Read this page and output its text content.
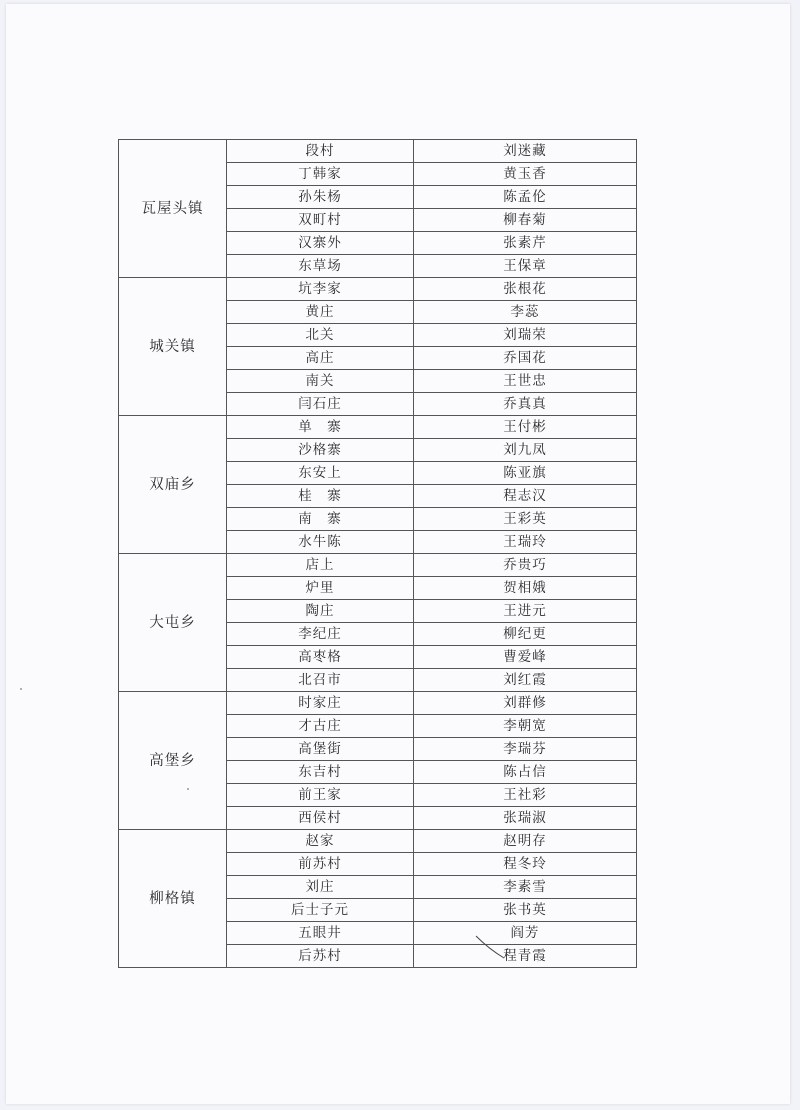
瓦屋头镇	段村	刘迷藏
	丁韩家	黄玉香
	孙朱杨	陈孟伦
	双町村	柳春菊
	汉寨外	张素芹
	东草场	王保章
城关镇	坑李家	张根花
	黄庄	李蕊
	北关	刘瑞荣
	高庄	乔国花
	南关	王世忠
	闫石庄	乔真真
双庙乡	单　寨	王付彬
	沙格寨	刘九凤
	东安上	陈亚旗
	桂　寨	程志汉
	南　寨	王彩英
	水牛陈	王瑞玲
大屯乡	店上	乔贵巧
	炉里	贺相娥
	陶庄	王进元
	李纪庄	柳纪更
	高枣格	曹爱峰
	北召市	刘红霞
高堡乡	时家庄	刘群修
	才古庄	李朝宽
	高堡街	李瑞芬
	东吉村	陈占信
	前王家	王社彩
	西侯村	张瑞淑
柳格镇	赵家	赵明存
	前苏村	程冬玲
	刘庄	李素雪
	后士子元	张书英
	五眼井	阎芳
	后苏村	程青霞
